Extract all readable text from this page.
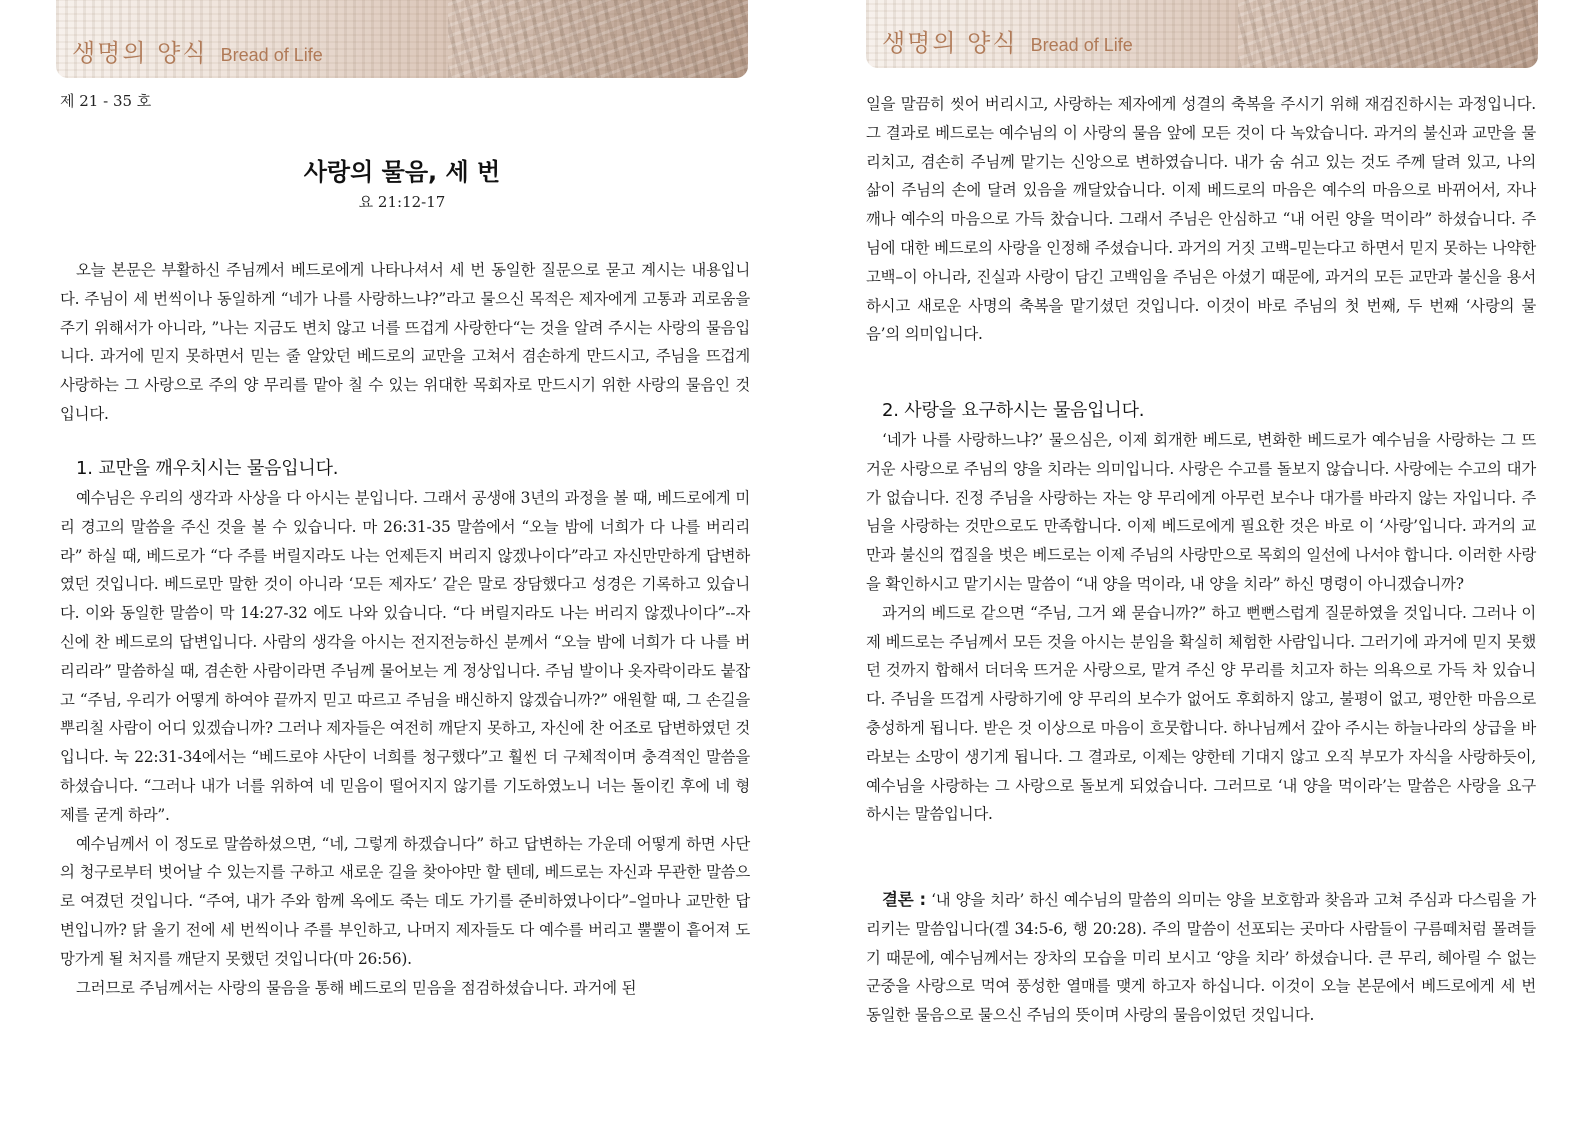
생명의 양식 Bread of Life
제 21 - 35 호
사랑의 물음, 세 번
요 21:12-17

오늘 본문은 부활하신 주님께서 베드로에게 나타나셔서 세 번 동일한 질문으로 묻고 계시는 내용입니다. 주님이 세 번씩이나 동일하게 “네가 나를 사랑하느냐?”라고 물으신 목적은 제자에게 고통과 괴로움을 주기 위해서가 아니라, ”나는 지금도 변치 않고 너를 뜨겁게 사랑한다“는 것을 알려 주시는 사랑의 물음입니다. 과거에 믿지 못하면서 믿는 줄 알았던 베드로의 교만을 고쳐서 겸손하게 만드시고, 주님을 뜨겁게 사랑하는 그 사랑으로 주의 양 무리를 맡아 칠 수 있는 위대한 목회자로 만드시기 위한 사랑의 물음인 것입니다.

1. 교만을 깨우치시는 물음입니다.

예수님은 우리의 생각과 사상을 다 아시는 분입니다. 그래서 공생애 3년의 과정을 볼 때, 베드로에게 미리 경고의 말씀을 주신 것을 볼 수 있습니다. 마 26:31-35 말씀에서 “오늘 밤에 너희가 다 나를 버리리라” 하실 때, 베드로가 “다 주를 버릴지라도 나는 언제든지 버리지 않겠나이다”라고 자신만만하게 답변하였던 것입니다. 베드로만 말한 것이 아니라 ‘모든 제자도’ 같은 말로 장담했다고 성경은 기록하고 있습니다. 이와 동일한 말씀이 막 14:27-32 에도 나와 있습니다. “다 버릴지라도 나는 버리지 않겠나이다”--자신에 찬 베드로의 답변입니다. 사람의 생각을 아시는 전지전능하신 분께서 “오늘 밤에 너희가 다 나를 버리리라” 말씀하실 때, 겸손한 사람이라면 주님께 물어보는 게 정상입니다. 주님 발이나 옷자락이라도 붙잡고 “주님, 우리가 어떻게 하여야 끝까지 믿고 따르고 주님을 배신하지 않겠습니까?” 애원할 때, 그 손길을 뿌리칠 사람이 어디 있겠습니까? 그러나 제자들은 여전히 깨닫지 못하고, 자신에 찬 어조로 답변하였던 것입니다. 눅 22:31-34에서는 “베드로야 사단이 너희를 청구했다”고 훨씬 더 구체적이며 충격적인 말씀을 하셨습니다. “그러나 내가 너를 위하여 네 믿음이 떨어지지 않기를 기도하였노니 너는 돌이킨 후에 네 형제를 굳게 하라”.

예수님께서 이 정도로 말씀하셨으면, “네, 그렇게 하겠습니다” 하고 답변하는 가운데 어떻게 하면 사단의 청구로부터 벗어날 수 있는지를 구하고 새로운 길을 찾아야만 할 텐데, 베드로는 자신과 무관한 말씀으로 여겼던 것입니다. “주여, 내가 주와 함께 옥에도 죽는 데도 가기를 준비하였나이다”–얼마나 교만한 답변입니까? 닭 울기 전에 세 번씩이나 주를 부인하고, 나머지 제자들도 다 예수를 버리고 뿔뿔이 흩어져 도망가게 될 처지를 깨닫지 못했던 것입니다(마 26:56).

그러므로 주님께서는 사랑의 물음을 통해 베드로의 믿음을 점검하셨습니다. 과거에 된

생명의 양식 Bread of Life

일을 말끔히 씻어 버리시고, 사랑하는 제자에게 성결의 축복을 주시기 위해 재검진하시는 과정입니다. 그 결과로 베드로는 예수님의 이 사랑의 물음 앞에 모든 것이 다 녹았습니다. 과거의 불신과 교만을 물리치고, 겸손히 주님께 맡기는 신앙으로 변하였습니다. 내가 숨 쉬고 있는 것도 주께 달려 있고, 나의 삶이 주님의 손에 달려 있음을 깨달았습니다. 이제 베드로의 마음은 예수의 마음으로 바뀌어서, 자나 깨나 예수의 마음으로 가득 찼습니다. 그래서 주님은 안심하고 “내 어린 양을 먹이라” 하셨습니다. 주님에 대한 베드로의 사랑을 인정해 주셨습니다. 과거의 거짓 고백–믿는다고 하면서 믿지 못하는 나약한 고백–이 아니라, 진실과 사랑이 담긴 고백임을 주님은 아셨기 때문에, 과거의 모든 교만과 불신을 용서하시고 새로운 사명의 축복을 맡기셨던 것입니다. 이것이 바로 주님의 첫 번째, 두 번째 ‘사랑의 물음’의 의미입니다.

2. 사랑을 요구하시는 물음입니다.

‘네가 나를 사랑하느냐?’ 물으심은, 이제 회개한 베드로, 변화한 베드로가 예수님을 사랑하는 그 뜨거운 사랑으로 주님의 양을 치라는 의미입니다. 사랑은 수고를 돌보지 않습니다. 사랑에는 수고의 대가가 없습니다. 진정 주님을 사랑하는 자는 양 무리에게 아무런 보수나 대가를 바라지 않는 자입니다. 주님을 사랑하는 것만으로도 만족합니다. 이제 베드로에게 필요한 것은 바로 이 ‘사랑’입니다. 과거의 교만과 불신의 껍질을 벗은 베드로는 이제 주님의 사랑만으로 목회의 일선에 나서야 합니다. 이러한 사랑을 확인하시고 맡기시는 말씀이 “내 양을 먹이라, 내 양을 치라” 하신 명령이 아니겠습니까?

과거의 베드로 같으면 “주님, 그거 왜 묻습니까?” 하고 뻔뻔스럽게 질문하였을 것입니다. 그러나 이제 베드로는 주님께서 모든 것을 아시는 분임을 확실히 체험한 사람입니다. 그러기에 과거에 믿지 못했던 것까지 합해서 더더욱 뜨거운 사랑으로, 맡겨 주신 양 무리를 치고자 하는 의욕으로 가득 차 있습니다. 주님을 뜨겁게 사랑하기에 양 무리의 보수가 없어도 후회하지 않고, 불평이 없고, 평안한 마음으로 충성하게 됩니다. 받은 것 이상으로 마음이 흐뭇합니다. 하나님께서 갚아 주시는 하늘나라의 상급을 바라보는 소망이 생기게 됩니다. 그 결과로, 이제는 양한테 기대지 않고 오직 부모가 자식을 사랑하듯이, 예수님을 사랑하는 그 사랑으로 돌보게 되었습니다. 그러므로 ‘내 양을 먹이라’는 말씀은 사랑을 요구하시는 말씀입니다.

결론 : ‘내 양을 치라’ 하신 예수님의 말씀의 의미는 양을 보호함과 찾음과 고쳐 주심과 다스림을 가리키는 말씀입니다(겔 34:5-6, 행 20:28). 주의 말씀이 선포되는 곳마다 사람들이 구름떼처럼 몰려들기 때문에, 예수님께서는 장차의 모습을 미리 보시고 ‘양을 치라’ 하셨습니다. 큰 무리, 헤아릴 수 없는 군중을 사랑으로 먹여 풍성한 열매를 맺게 하고자 하십니다. 이것이 오늘 본문에서 베드로에게 세 번 동일한 물음으로 물으신 주님의 뜻이며 사랑의 물음이었던 것입니다.
